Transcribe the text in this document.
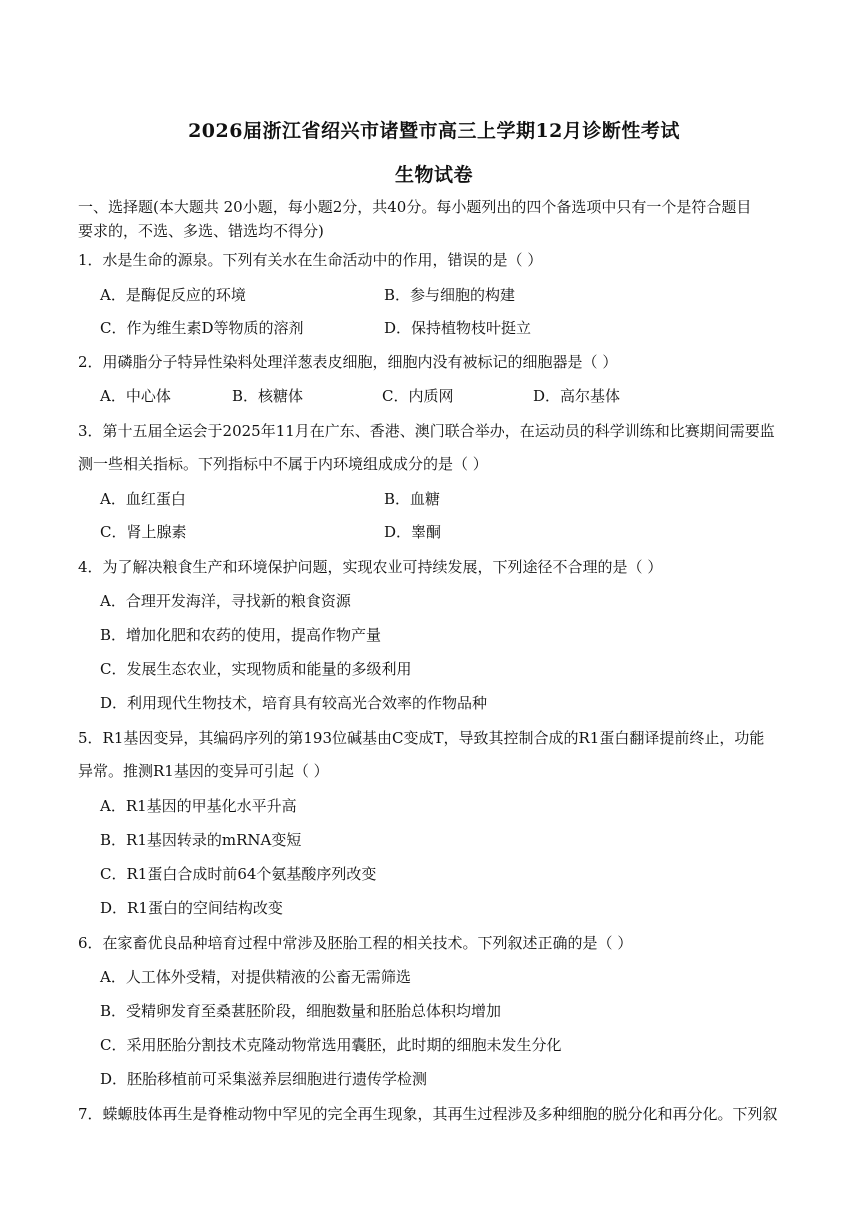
2026届浙江省绍兴市诸暨市高三上学期12月诊断性考试
生物试卷
一、选择题(本大题共 20小题，每小题2分，共40分。每小题列出的四个备选项中只有一个是符合题目
要求的，不选、多选、错选均不得分)
1．水是生命的源泉。下列有关水在生命活动中的作用，错误的是（ ）
A．是酶促反应的环境	B．参与细胞的构建
C．作为维生素D等物质的溶剂	D．保持植物枝叶挺立
2．用磷脂分子特异性染料处理洋葱表皮细胞，细胞内没有被标记的细胞器是（ ）
A．中心体	B．核糖体	C．内质网	D．高尔基体
3．第十五届全运会于2025年11月在广东、香港、澳门联合举办，在运动员的科学训练和比赛期间需要监
测一些相关指标。下列指标中不属于内环境组成成分的是（ ）
A．血红蛋白	B．血糖
C．肾上腺素	D．睾酮
4．为了解决粮食生产和环境保护问题，实现农业可持续发展，下列途径不合理的是（ ）
A．合理开发海洋，寻找新的粮食资源
B．增加化肥和农药的使用，提高作物产量
C．发展生态农业，实现物质和能量的多级利用
D．利用现代生物技术，培育具有较高光合效率的作物品种
5．R1基因变异，其编码序列的第193位碱基由C变成T，导致其控制合成的R1蛋白翻译提前终止，功能
异常。推测R1基因的变异可引起（ ）
A．R1基因的甲基化水平升高
B．R1基因转录的mRNA变短
C．R1蛋白合成时前64个氨基酸序列改变
D．R1蛋白的空间结构改变
6．在家畜优良品种培育过程中常涉及胚胎工程的相关技术。下列叙述正确的是（ ）
A．人工体外受精，对提供精液的公畜无需筛选
B．受精卵发育至桑葚胚阶段，细胞数量和胚胎总体积均增加
C．采用胚胎分割技术克隆动物常选用囊胚，此时期的细胞未发生分化
D．胚胎移植前可采集滋养层细胞进行遗传学检测
7．蝾螈肢体再生是脊椎动物中罕见的完全再生现象，其再生过程涉及多种细胞的脱分化和再分化。下列叙
